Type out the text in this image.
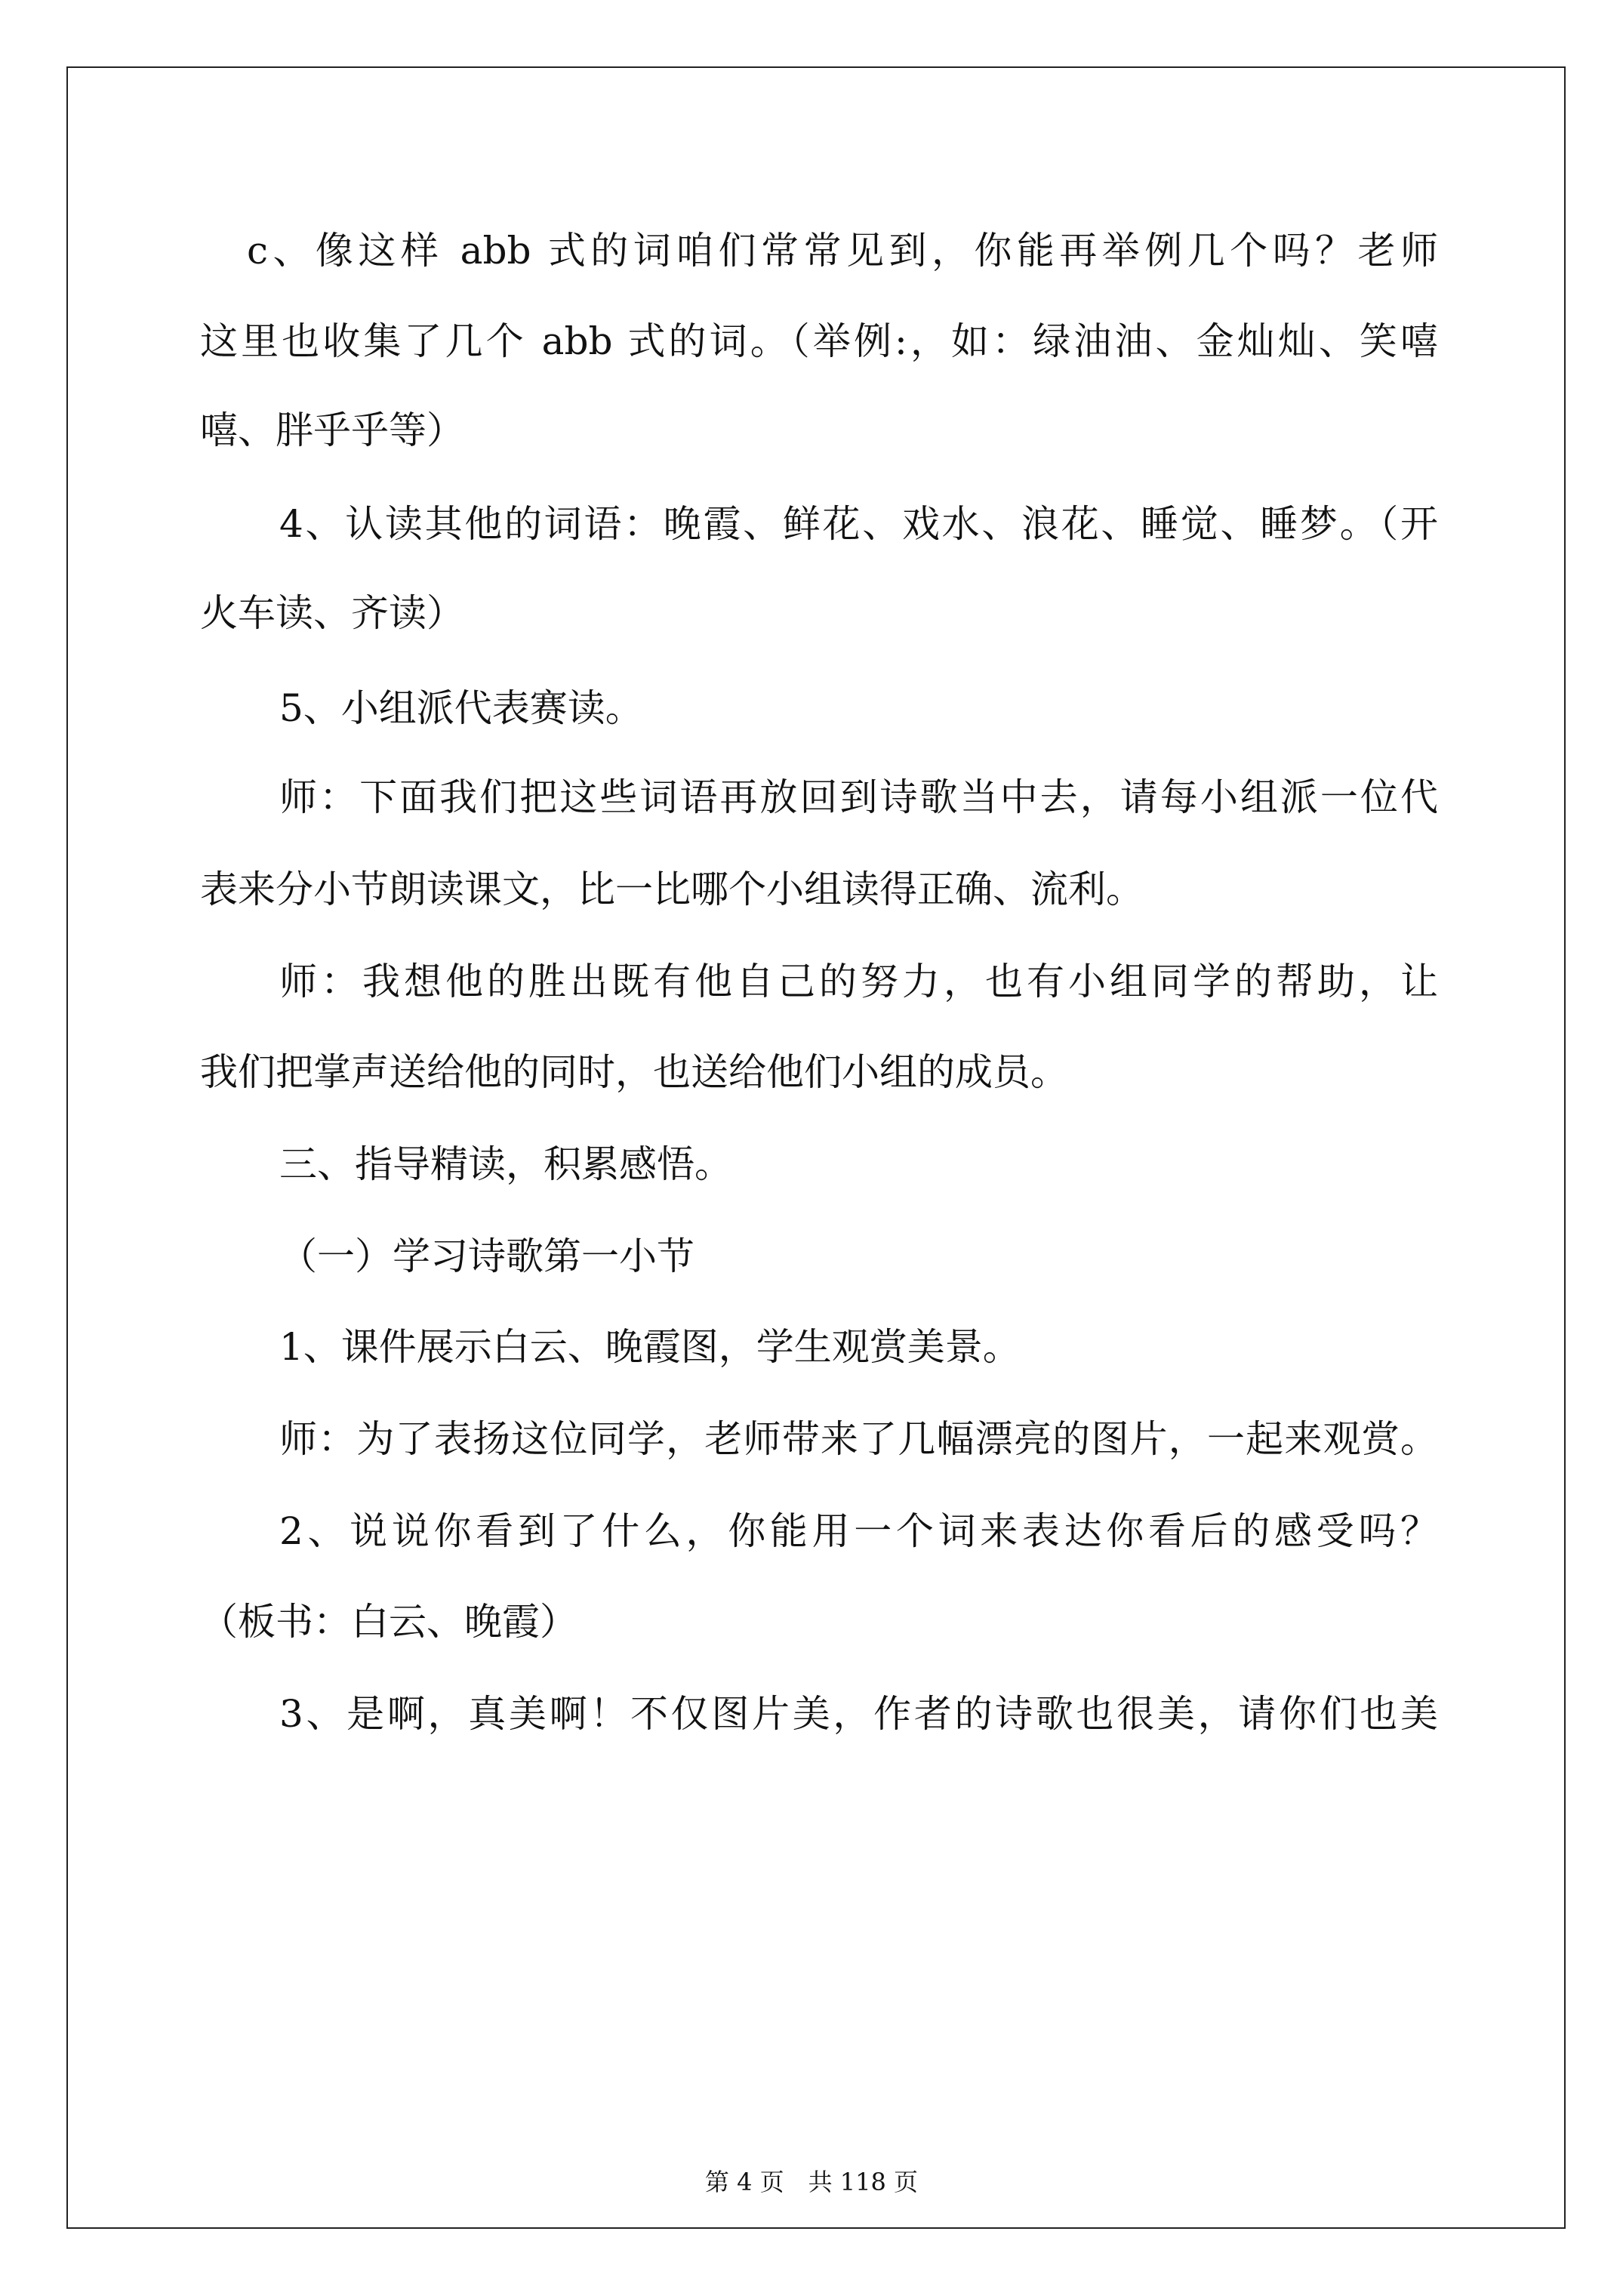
c、像这样 abb 式的词咱们常常见到，你能再举例几个吗？老师
这里也收集了几个 abb 式的词。（举例:，如：绿油油、金灿灿、笑嘻
嘻、胖乎乎等）
4、认读其他的词语：晚霞、鲜花、戏水、浪花、睡觉、睡梦。（开
火车读、齐读）
5、小组派代表赛读。
师：下面我们把这些词语再放回到诗歌当中去，请每小组派一位代
表来分小节朗读课文，比一比哪个小组读得正确、流利。
师：我想他的胜出既有他自己的努力，也有小组同学的帮助，让
我们把掌声送给他的同时，也送给他们小组的成员。
三、指导精读，积累感悟。
（一）学习诗歌第一小节
1、课件展示白云、晚霞图，学生观赏美景。
师：为了表扬这位同学，老师带来了几幅漂亮的图片，一起来观赏。
2、说说你看到了什么，你能用一个词来表达你看后的感受吗？
（板书：白云、晚霞）
3、是啊，真美啊！不仅图片美，作者的诗歌也很美，请你们也美
第 4 页　共 118 页
